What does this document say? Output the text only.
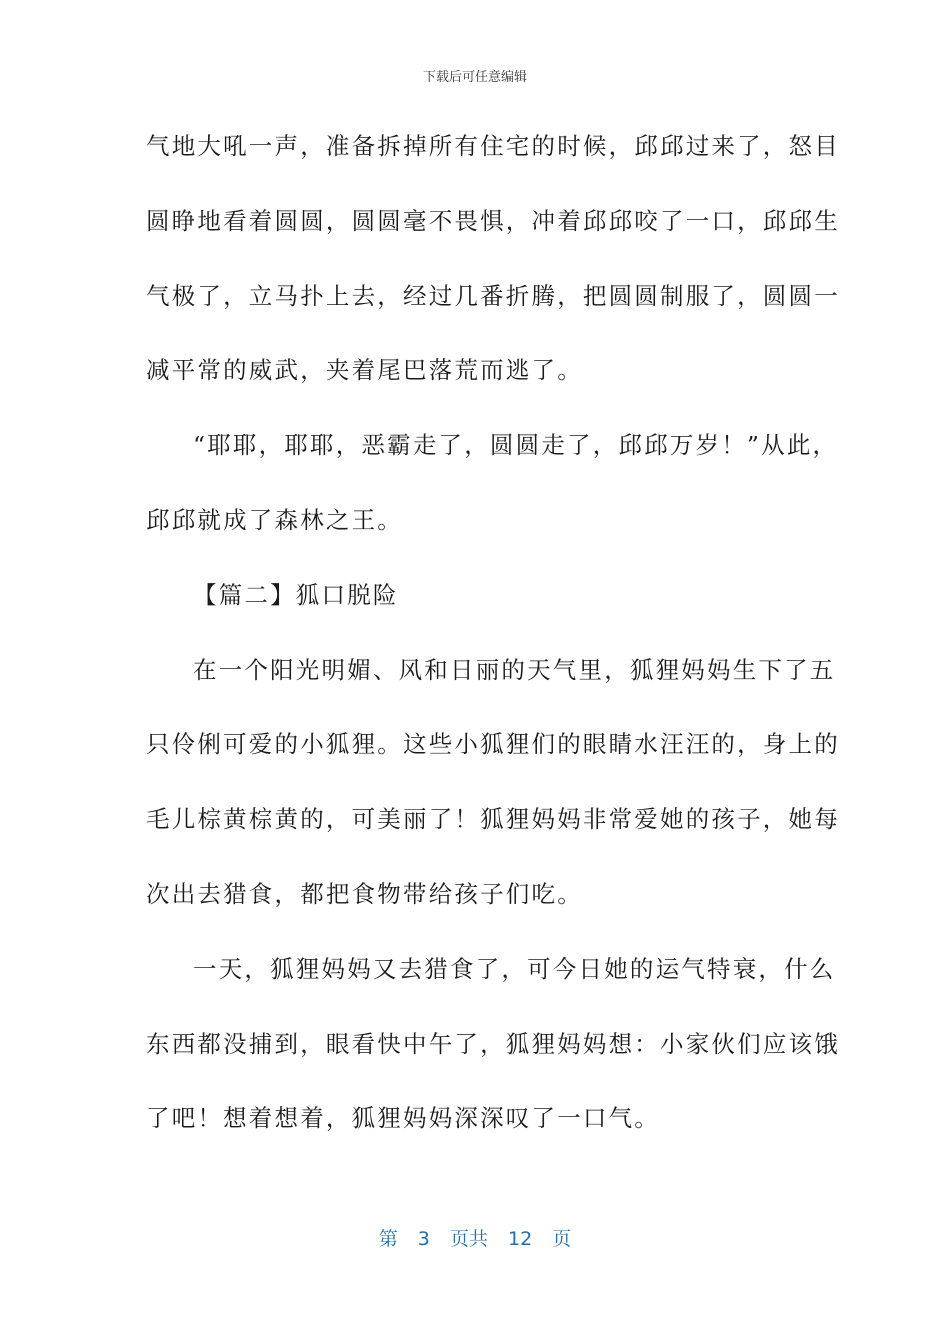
下载后可任意编辑
气地大吼一声，准备拆掉所有住宅的时候，邱邱过来了，怒目
圆睁地看着圆圆，圆圆毫不畏惧，冲着邱邱咬了一口，邱邱生
气极了，立马扑上去，经过几番折腾，把圆圆制服了，圆圆一
减平常的威武，夹着尾巴落荒而逃了。
“耶耶，耶耶，恶霸走了，圆圆走了，邱邱万岁！”从此，
邱邱就成了森林之王。
【篇二】狐口脱险
在一个阳光明媚、风和日丽的天气里，狐狸妈妈生下了五
只伶俐可爱的小狐狸。这些小狐狸们的眼睛水汪汪的，身上的
毛儿棕黄棕黄的，可美丽了！狐狸妈妈非常爱她的孩子，她每
次出去猎食，都把食物带给孩子们吃。
一天，狐狸妈妈又去猎食了，可今日她的运气特衰，什么
东西都没捕到，眼看快中午了，狐狸妈妈想：小家伙们应该饿
了吧！想着想着，狐狸妈妈深深叹了一口气。
第 3 页共 12 页
